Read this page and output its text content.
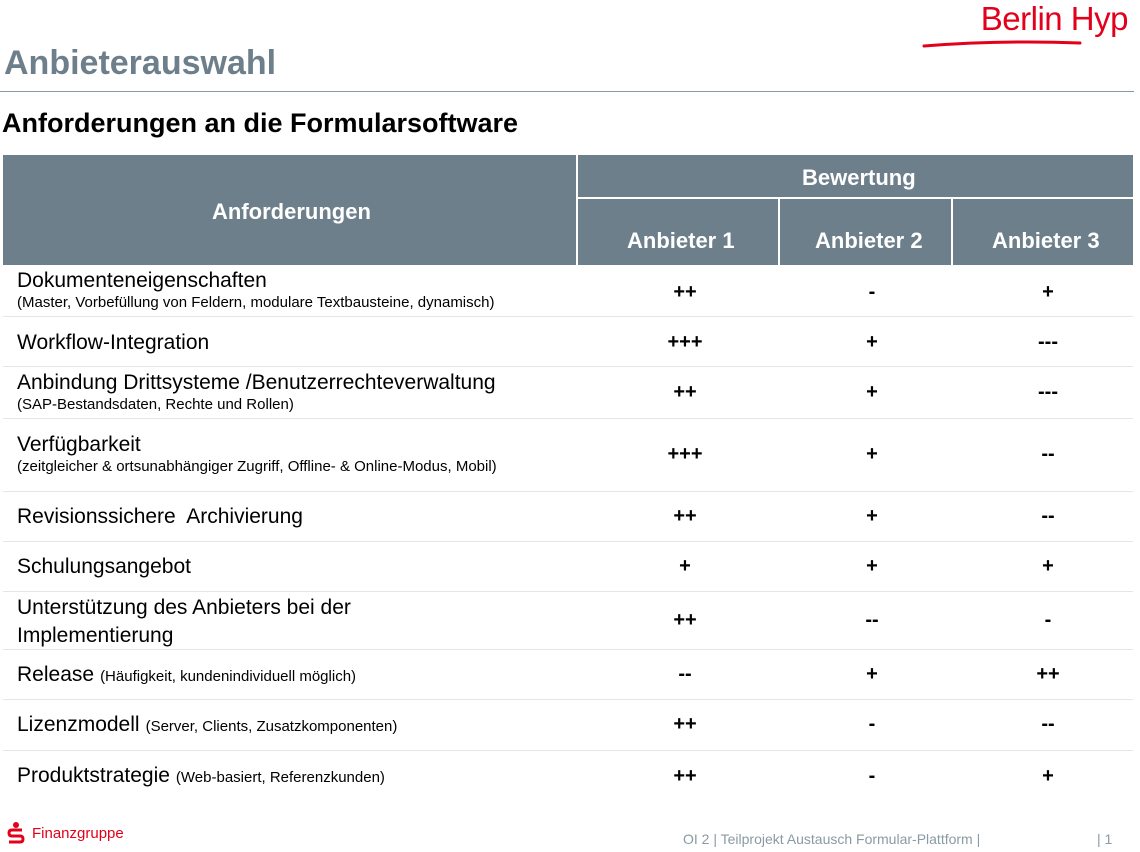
Berlin Hyp
Anbieterauswahl
Anforderungen an die Formularsoftware
Anforderungen
Bewertung
Anbieter 1	Anbieter 2	Anbieter 3
Dokumenteneigenschaften
(Master, Vorbefüllung von Feldern, modulare Textbausteine, dynamisch)	++	-	+
Workflow-Integration	+++	+	---
Anbindung Drittsysteme /Benutzerrechteverwaltung
(SAP-Bestandsdaten, Rechte und Rollen)
++	+	---
Verfügbarkeit
(zeitgleicher & ortsunabhängiger Zugriff, Offline- & Online-Modus, Mobil)
+++	+	--
Revisionssichere  Archivierung	++	+	--
Schulungsangebot	+	+	+
Unterstützung des Anbieters bei der
Implementierung
++	--	-
Release (Häufigkeit, kundenindividuell möglich)	--	+	++
Lizenzmodell (Server, Clients, Zusatzkomponenten)	++	-	--
Produktstrategie (Web-basiert, Referenzkunden)	++	-	+
Finanzgruppe	OI 2 | Teilprojekt Austausch Formular-Plattform |	| 1
